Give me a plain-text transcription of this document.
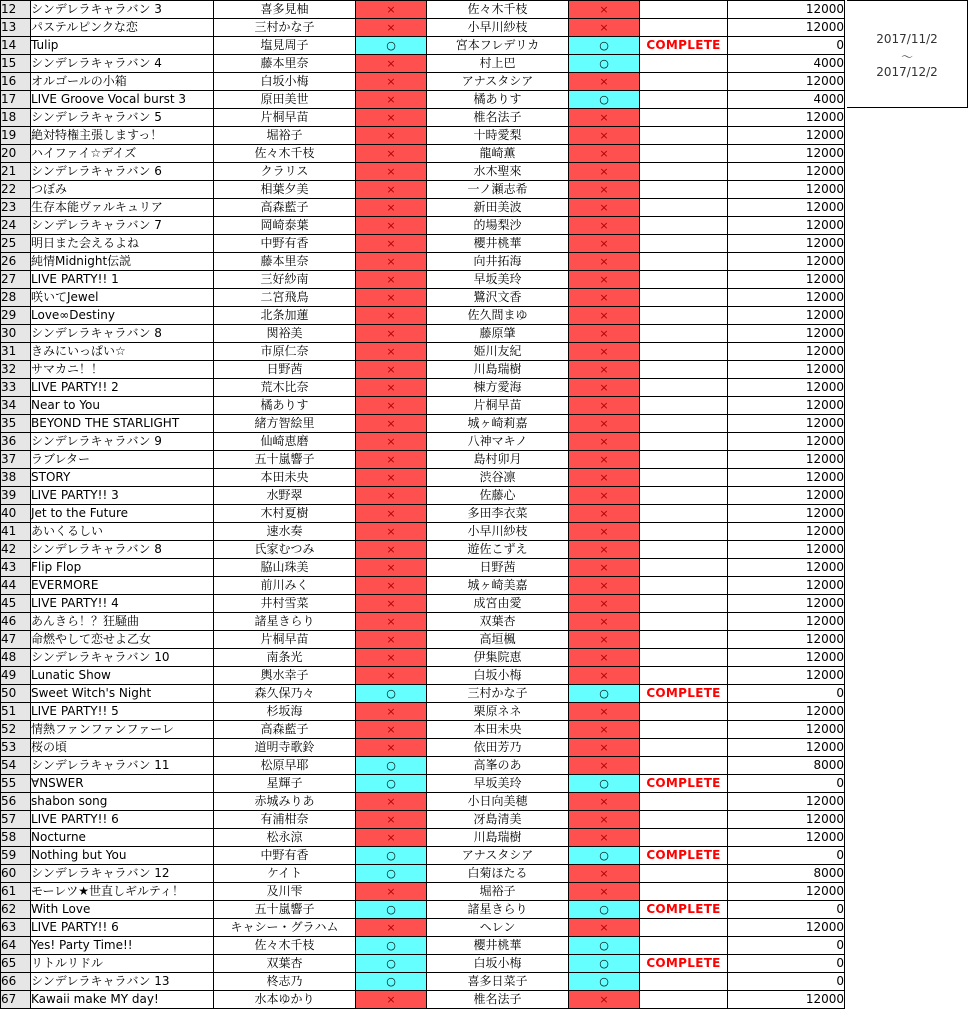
12	シンデレラキャラバン 3	喜多見柚	×	佐々木千枝	×		12000
13	パステルピンクな恋	三村かな子	×	小早川紗枝	×		12000
14	Tulip	塩見周子	○	宮本フレデリカ	○	COMPLETE	0
15	シンデレラキャラバン 4	藤本里奈	×	村上巴	○		4000
16	オルゴールの小箱	白坂小梅	×	アナスタシア	×		12000
17	LIVE Groove Vocal burst 3	原田美世	×	橘ありす	○		4000
18	シンデレラキャラバン 5	片桐早苗	×	椎名法子	×		12000
19	絶対特権主張しますっ！	堀裕子	×	十時愛梨	×		12000
20	ハイファイ☆デイズ	佐々木千枝	×	龍崎薫	×		12000
21	シンデレラキャラバン 6	クラリス	×	水木聖來	×		12000
22	つぼみ	相葉夕美	×	一ノ瀬志希	×		12000
23	生存本能ヴァルキュリア	高森藍子	×	新田美波	×		12000
24	シンデレラキャラバン 7	岡崎泰葉	×	的場梨沙	×		12000
25	明日また会えるよね	中野有香	×	櫻井桃華	×		12000
26	純情Midnight伝説	藤本里奈	×	向井拓海	×		12000
27	LIVE PARTY!! 1	三好紗南	×	早坂美玲	×		12000
28	咲いてJewel	二宮飛鳥	×	鷺沢文香	×		12000
29	Love∞Destiny	北条加蓮	×	佐久間まゆ	×		12000
30	シンデレラキャラバン 8	関裕美	×	藤原肇	×		12000
31	きみにいっぱい☆	市原仁奈	×	姫川友紀	×		12000
32	サマカニ！！	日野茜	×	川島瑞樹	×		12000
33	LIVE PARTY!! 2	荒木比奈	×	棟方愛海	×		12000
34	Near to You	橘ありす	×	片桐早苗	×		12000
35	BEYOND THE STARLIGHT	緒方智絵里	×	城ヶ崎莉嘉	×		12000
36	シンデレラキャラバン 9	仙崎恵磨	×	八神マキノ	×		12000
37	ラブレター	五十嵐響子	×	島村卯月	×		12000
38	STORY	本田未央	×	渋谷凛	×		12000
39	LIVE PARTY!! 3	水野翠	×	佐藤心	×		12000
40	Jet to the Future	木村夏樹	×	多田李衣菜	×		12000
41	あいくるしい	速水奏	×	小早川紗枝	×		12000
42	シンデレラキャラバン 8	氏家むつみ	×	遊佐こずえ	×		12000
43	Flip Flop	脇山珠美	×	日野茜	×		12000
44	EVERMORE	前川みく	×	城ヶ崎美嘉	×		12000
45	LIVE PARTY!! 4	井村雪菜	×	成宮由愛	×		12000
46	あんきら！？狂騒曲	諸星きらり	×	双葉杏	×		12000
47	命燃やして恋せよ乙女	片桐早苗	×	高垣楓	×		12000
48	シンデレラキャラバン 10	南条光	×	伊集院恵	×		12000
49	Lunatic Show	輿水幸子	×	白坂小梅	×		12000
50	Sweet Witch's Night	森久保乃々	○	三村かな子	○	COMPLETE	0
51	LIVE PARTY!! 5	杉坂海	×	栗原ネネ	×		12000
52	情熱ファンファンファーレ	高森藍子	×	本田未央	×		12000
53	桜の頃	道明寺歌鈴	×	依田芳乃	×		12000
54	シンデレラキャラバン 11	松原早耶	○	高峯のあ	×		8000
55	∀NSWER	星輝子	○	早坂美玲	○	COMPLETE	0
56	shabon song	赤城みりあ	×	小日向美穂	×		12000
57	LIVE PARTY!! 6	有浦柑奈	×	冴島清美	×		12000
58	Nocturne	松永涼	×	川島瑞樹	×		12000
59	Nothing but You	中野有香	○	アナスタシア	○	COMPLETE	0
60	シンデレラキャラバン 12	ケイト	○	白菊ほたる	×		8000
61	モーレツ★世直しギルティ！	及川雫	×	堀裕子	×		12000
62	With Love	五十嵐響子	○	諸星きらり	○	COMPLETE	0
63	LIVE PARTY!! 6	キャシー・グラハム	×	ヘレン	×		12000
64	Yes! Party Time!!	佐々木千枝	○	櫻井桃華	○		0
65	リトルリドル	双葉杏	○	白坂小梅	○	COMPLETE	0
66	シンデレラキャラバン 13	柊志乃	○	喜多日菜子	○		0
67	Kawaii make MY day!	水本ゆかり	×	椎名法子	×		12000
2017/11/2
～
2017/12/2
